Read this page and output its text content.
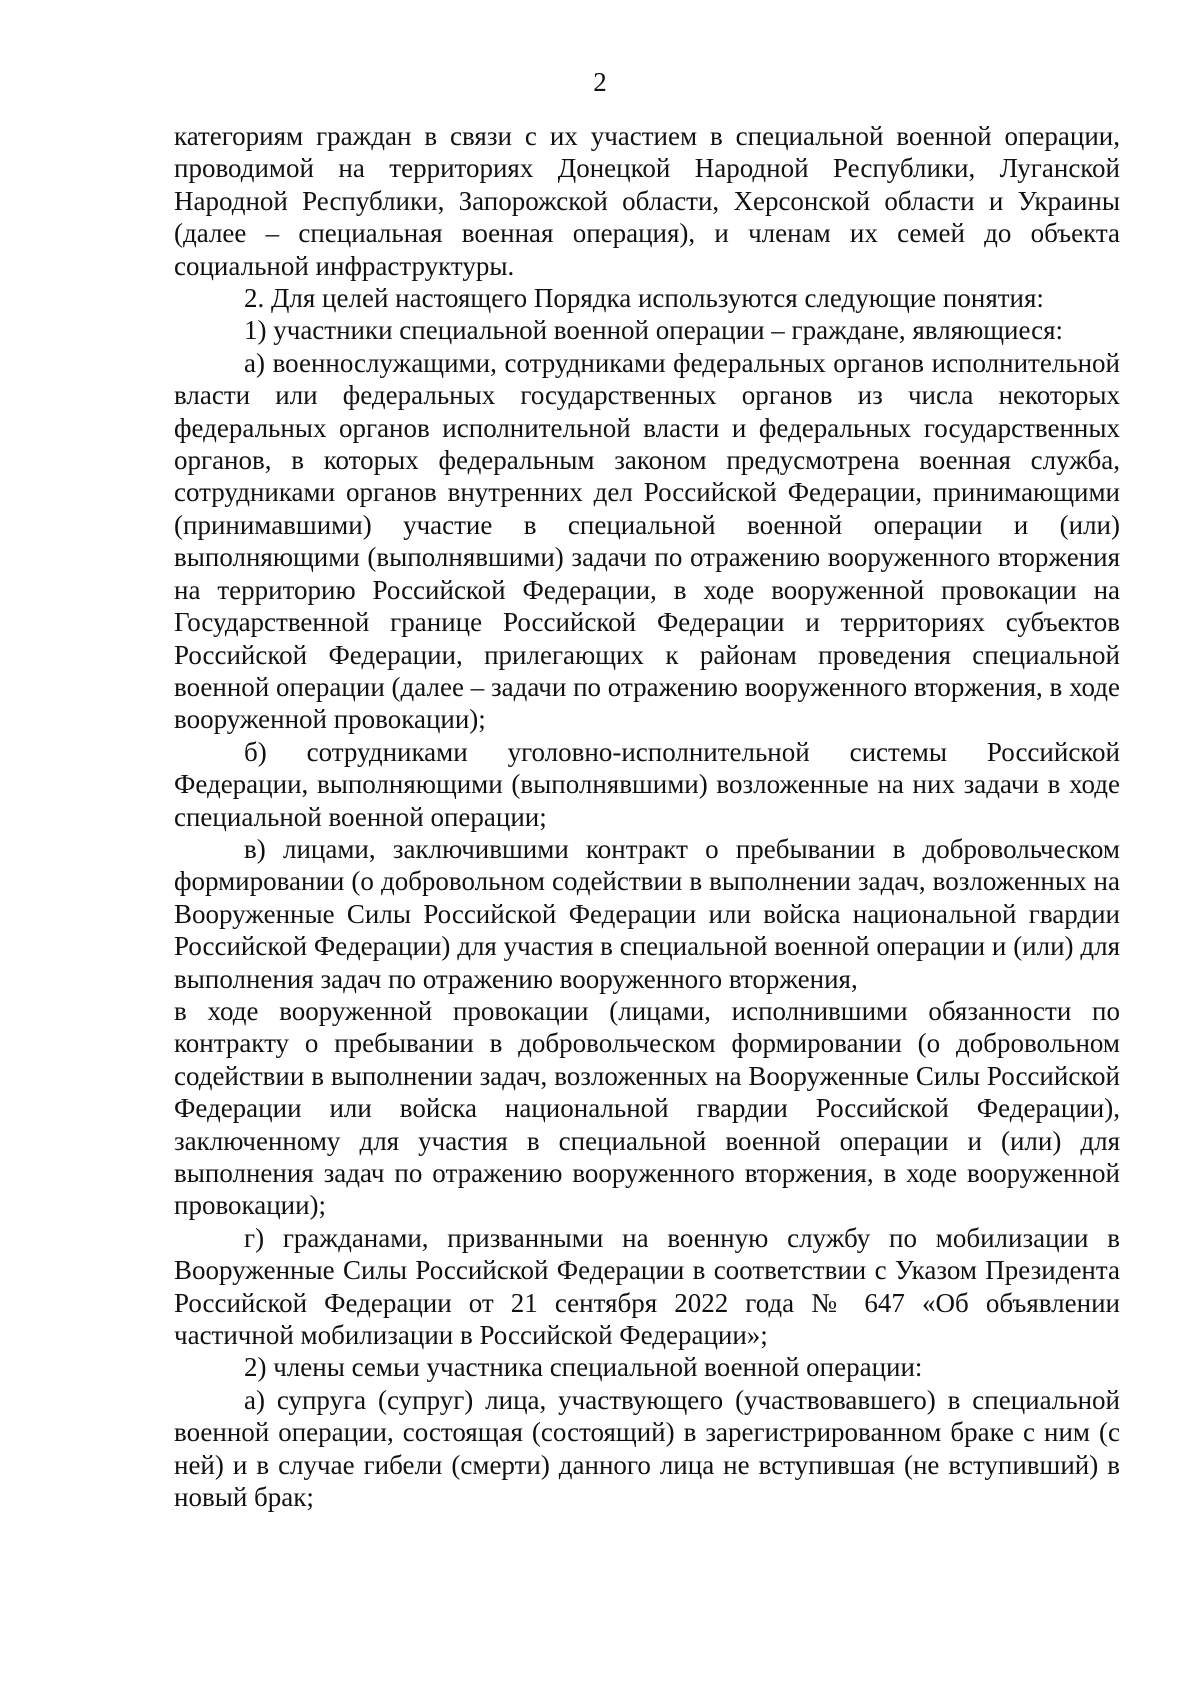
2

категориям граждан в связи с их участием в специальной военной операции, проводимой на территориях Донецкой Народной Республики, Луганской Народной Республики, Запорожской области, Херсонской области и Украины (далее – специальная военная операция), и членам их семей до объекта социальной инфраструктуры.

2. Для целей настоящего Порядка используются следующие понятия:

1) участники специальной военной операции – граждане, являющиеся:

а) военнослужащими, сотрудниками федеральных органов исполнительной власти или федеральных государственных органов из числа некоторых федеральных органов исполнительной власти и федеральных государственных органов, в которых федеральным законом предусмотрена военная служба, сотрудниками органов внутренних дел Российской Федерации, принимающими (принимавшими) участие в специальной военной операции и (или) выполняющими (выполнявшими) задачи по отражению вооруженного вторжения на территорию Российской Федерации, в ходе вооруженной провокации на Государственной границе Российской Федерации и территориях субъектов Российской Федерации, прилегающих к районам проведения специальной военной операции (далее – задачи по отражению вооруженного вторжения, в ходе вооруженной провокации);

б) сотрудниками уголовно-исполнительной системы Российской Федерации, выполняющими (выполнявшими) возложенные на них задачи в ходе специальной военной операции;

в) лицами, заключившими контракт о пребывании в добровольческом формировании (о добровольном содействии в выполнении задач, возложенных на Вооруженные Силы Российской Федерации или войска национальной гвардии Российской Федерации) для участия в специальной военной операции и (или) для выполнения задач по отражению вооруженного вторжения,

в ходе вооруженной провокации (лицами, исполнившими обязанности по контракту о пребывании в добровольческом формировании (о добровольном содействии в выполнении задач, возложенных на Вооруженные Силы Российской Федерации или войска национальной гвардии Российской Федерации), заключенному для участия в специальной военной операции и (или) для выполнения задач по отражению вооруженного вторжения, в ходе вооруженной провокации);

г) гражданами, призванными на военную службу по мобилизации в Вооруженные Силы Российской Федерации в соответствии с Указом Президента Российской Федерации от 21 сентября 2022 года № 647 «Об объявлении частичной мобилизации в Российской Федерации»;

2) члены семьи участника специальной военной операции:

а) супруга (супруг) лица, участвующего (участвовавшего) в специальной военной операции, состоящая (состоящий) в зарегистрированном браке с ним (с ней) и в случае гибели (смерти) данного лица не вступившая (не вступивший) в новый брак;
